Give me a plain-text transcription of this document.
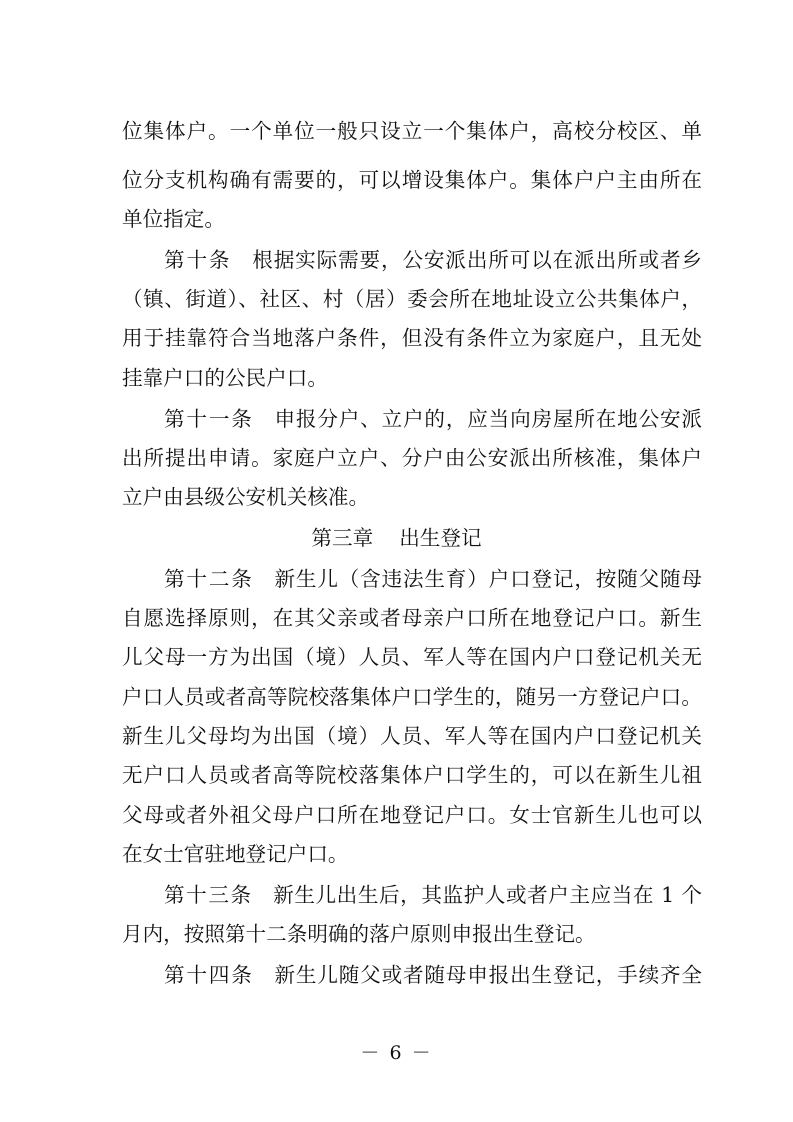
位集体户。一个单位一般只设立一个集体户，高校分校区、单
位分支机构确有需要的，可以增设集体户。集体户户主由所在
单位指定。
第十条 根据实际需要，公安派出所可以在派出所或者乡
（镇、街道）、社区、村（居）委会所在地址设立公共集体户，
用于挂靠符合当地落户条件，但没有条件立为家庭户，且无处
挂靠户口的公民户口。
第十一条 申报分户、立户的，应当向房屋所在地公安派
出所提出申请。家庭户立户、分户由公安派出所核准，集体户
立户由县级公安机关核准。
第三章 出生登记
第十二条 新生儿（含违法生育）户口登记，按随父随母
自愿选择原则，在其父亲或者母亲户口所在地登记户口。新生
儿父母一方为出国（境）人员、军人等在国内户口登记机关无
户口人员或者高等院校落集体户口学生的，随另一方登记户口。
新生儿父母均为出国（境）人员、军人等在国内户口登记机关
无户口人员或者高等院校落集体户口学生的，可以在新生儿祖
父母或者外祖父母户口所在地登记户口。女士官新生儿也可以
在女士官驻地登记户口。
第十三条 新生儿出生后，其监护人或者户主应当在 1 个
月内，按照第十二条明确的落户原则申报出生登记。
第十四条 新生儿随父或者随母申报出生登记，手续齐全
－ 6 －
